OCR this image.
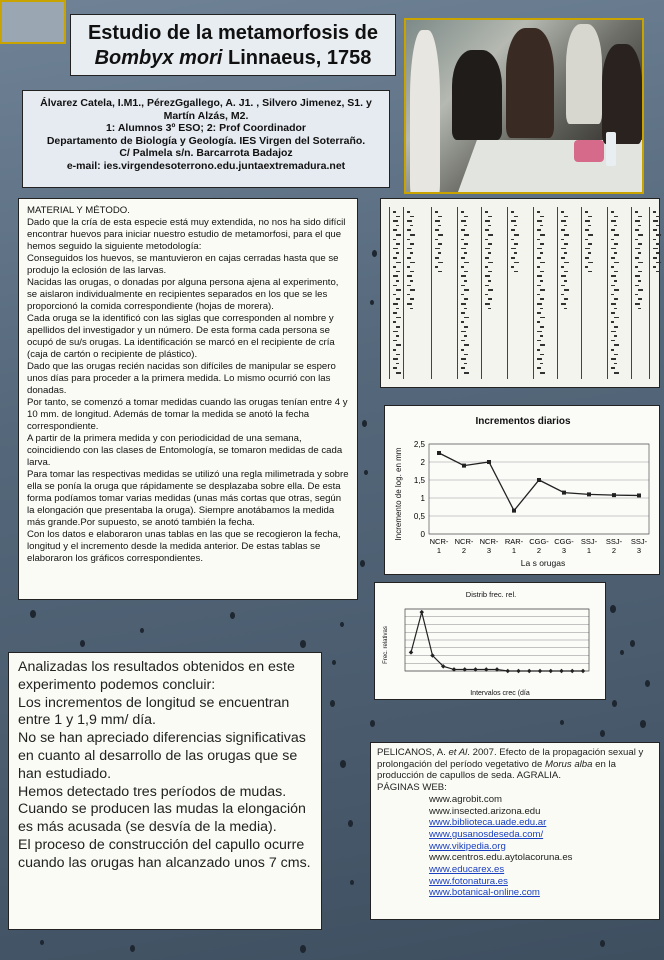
Estudio de la metamorfosis de
Bombyx mori Linnaeus, 1758
Álvarez Catela, I.M1., PérezGgallego, A. J1. , Silvero Jimenez, S1. y
Martín Alzás, M2.
1: Alumnos 3º ESO; 2: Prof Coordinador
Departamento de Biología y Geología. IES Virgen del Soterraño.
C/ Palmela s/n. Barcarrota Badajoz
e-mail: ies.virgendesoterrono.edu.juntaextremadura.net

MATERIAL Y MÉTODO.

Dado que la cría de esta especie está muy extendida, no nos ha sido difícil encontrar huevos para iniciar nuestro estudio de metamorfosi, para el que hemos seguido la siguiente metodología:

Conseguidos los huevos, se mantuvieron en cajas cerradas hasta que se produjo la eclosión de las larvas.

Nacidas las orugas, o donadas por alguna persona ajena al experimento, se aislaron individualmente en recipientes separados en los que se les proporcionó la comida correspondiente (hojas de morera).

Cada oruga se la identificó con las siglas que corresponden al nombre y apellidos del investigador y un número. De esta forma cada persona se ocupó de su/s orugas. La identificación se marcó en el recipiente de cría (caja de cartón o recipiente de plástico).

Dado que las orugas recién nacidas son difíciles de manipular se espero unos días para proceder a la primera medida. Lo mismo ocurrió con las donadas.

Por tanto, se comenzó a tomar medidas cuando las orugas tenían entre 4 y 10 mm. de longitud. Además de tomar la medida se anotó la fecha correspondiente.

A partir de la primera medida y con periodicidad de una semana, coincidiendo con las clases de Entomología, se tomaron medidas de cada larva.

Para tomar las respectivas medidas se utilizó una regla milimetrada y sobre ella se ponía la oruga que rápidamente se desplazaba sobre ella. De esta forma podíamos tomar varias medidas (unas más cortas que otras, según la elongación que presentaba la oruga). Siempre anotábamos la medida más grande.Por supuesto, se anotó también la fecha.

Con los datos e elaboraron unas tablas en las que se recogieron la fecha, longitud y el incremento desde la medida anterior. De estas tablas se elaboraron los gráficos correspondientes.

Incrementos diarios
La s orugas
Incremento de log. en mm 0
0,5
1
1,5
2
2,5
NCR-1
NCR-2
NCR-3
RAR-1
CGG-2
CGG-3
SSJ-1
SSJ-2
SSJ-3
Distrib frec. rel.
Intervalos crec (día
Frec. relativas

Analizadas los resultados obtenidos en este experimento podemos concluir:

Los incrementos de longitud se encuentran entre 1 y 1,9 mm/ día.

No se han apreciado diferencias significativas en cuanto al desarrollo de las orugas que se han estudiado.

Hemos detectado tres períodos de mudas.

Cuando se producen las mudas la elongación es más acusada (se desvía de la media).

El proceso de construcción del capullo ocurre cuando las orugas han alcanzado unos 7 cms.

PELICANOS, A. et Al. 2007. Efecto de la propagación sexual y prolongación del período vegetativo de Morus alba en la producción de capullos de seda. AGRALIA.
PÁGINAS WEB:
www.agrobit.com
www.insected.arizona.edu
www.biblioteca.uade.edu.ar
www.gusanosdeseda.com/
www.vikipedia.org
www.centros.edu.aytolacoruna.es
www.educarex.es
www.fotonatura.es
www.botanical-online.com
